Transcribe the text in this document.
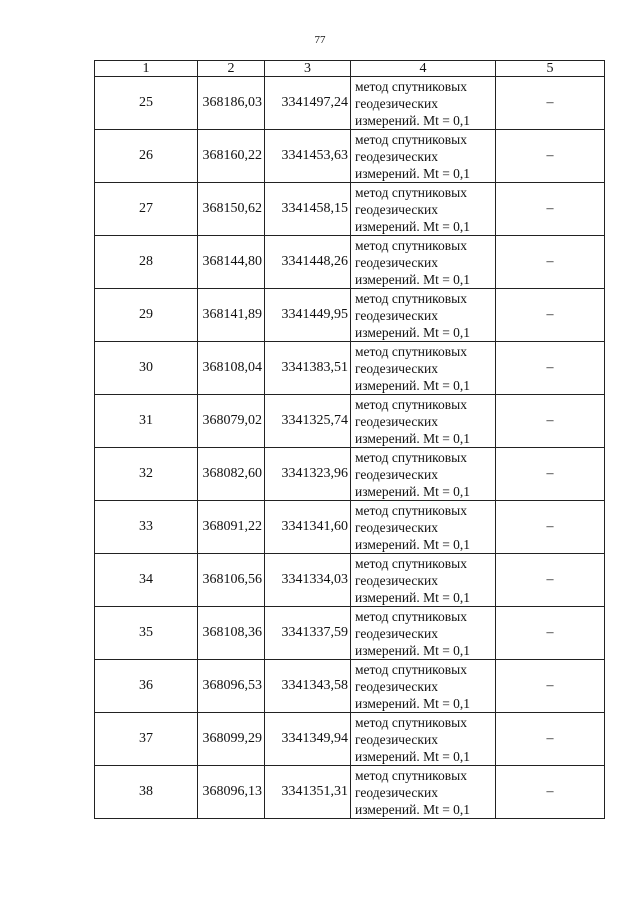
77
1	2	3	4	5
25	368186,03	3341497,24	метод спутниковых
геодезических
измерений. Mt = 0,1	–
26	368160,22	3341453,63	метод спутниковых
геодезических
измерений. Mt = 0,1	–
27	368150,62	3341458,15	метод спутниковых
геодезических
измерений. Mt = 0,1	–
28	368144,80	3341448,26	метод спутниковых
геодезических
измерений. Mt = 0,1	–
29	368141,89	3341449,95	метод спутниковых
геодезических
измерений. Mt = 0,1	–
30	368108,04	3341383,51	метод спутниковых
геодезических
измерений. Mt = 0,1	–
31	368079,02	3341325,74	метод спутниковых
геодезических
измерений. Mt = 0,1	–
32	368082,60	3341323,96	метод спутниковых
геодезических
измерений. Mt = 0,1	–
33	368091,22	3341341,60	метод спутниковых
геодезических
измерений. Mt = 0,1	–
34	368106,56	3341334,03	метод спутниковых
геодезических
измерений. Mt = 0,1	–
35	368108,36	3341337,59	метод спутниковых
геодезических
измерений. Mt = 0,1	–
36	368096,53	3341343,58	метод спутниковых
геодезических
измерений. Mt = 0,1	–
37	368099,29	3341349,94	метод спутниковых
геодезических
измерений. Mt = 0,1	–
38	368096,13	3341351,31	метод спутниковых
геодезических
измерений. Mt = 0,1	–
